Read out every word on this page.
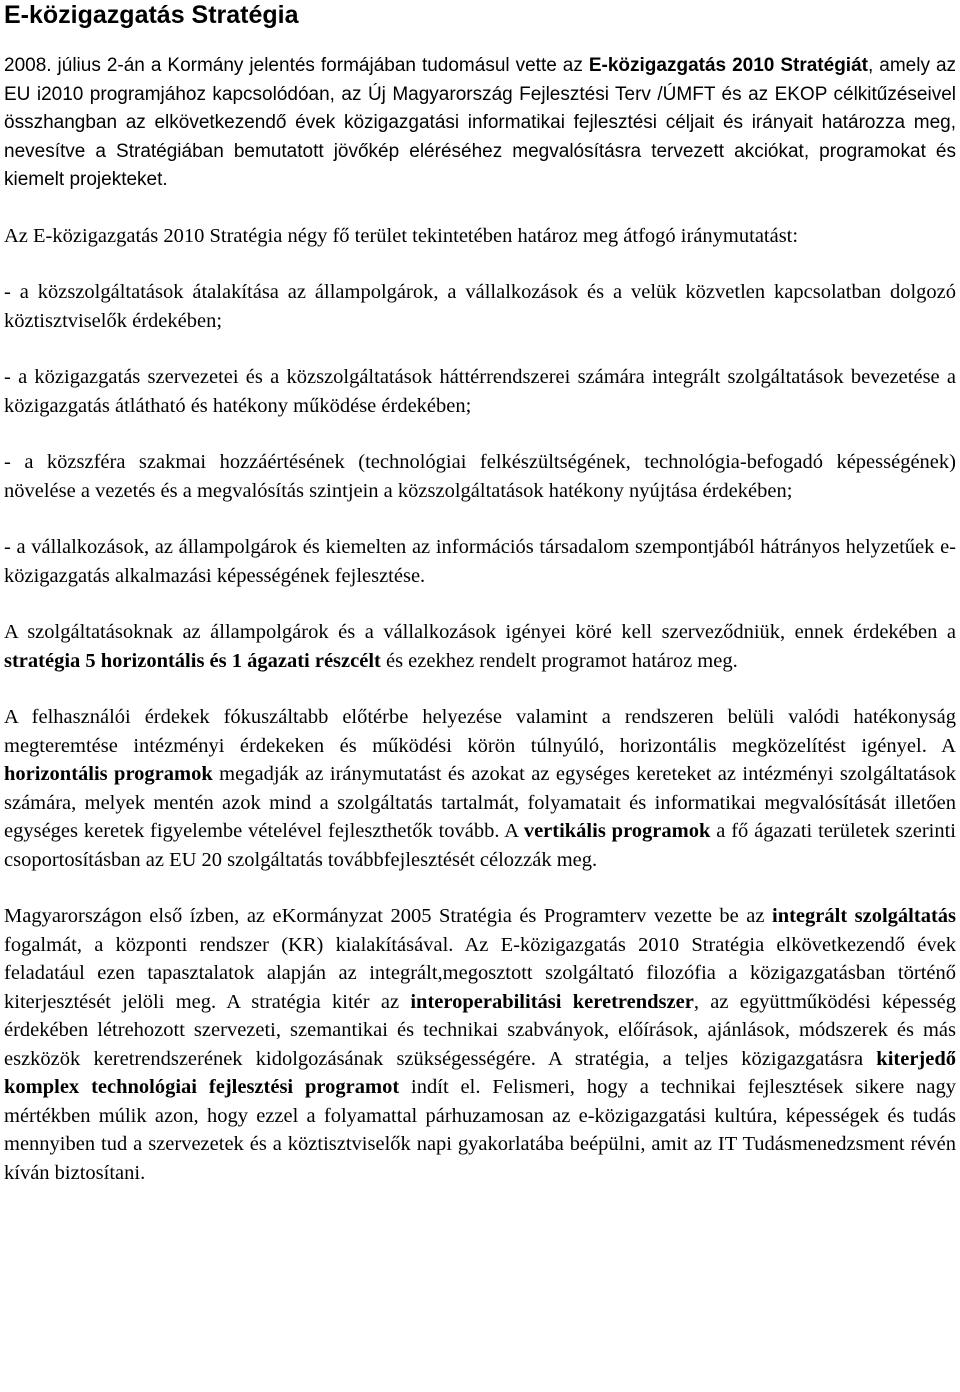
E-közigazgatás Stratégia

2008. július 2-án a Kormány jelentés formájában tudomásul vette az E-közigazgatás 2010 Stratégiát, amely az EU i2010 programjához kapcsolódóan, az Új Magyarország Fejlesztési Terv /ÚMFT és az EKOP célkitűzéseivel összhangban az elkövetkezendő évek közigazgatási informatikai fejlesztési céljait és irányait határozza meg, nevesítve a Stratégiában bemutatott jövőkép eléréséhez megvalósításra tervezett akciókat, programokat és kiemelt projekteket.

Az E-közigazgatás 2010 Stratégia négy fő terület tekintetében határoz meg átfogó iránymutatást:

- a közszolgáltatások átalakítása az állampolgárok, a vállalkozások és a velük közvetlen kapcsolatban dolgozó köztisztviselők érdekében;

- a közigazgatás szervezetei és a közszolgáltatások háttérrendszerei számára integrált szolgáltatások bevezetése a közigazgatás átlátható és hatékony működése érdekében;

- a közszféra szakmai hozzáértésének (technológiai felkészültségének, technológia-befogadó képességének) növelése a vezetés és a megvalósítás szintjein a közszolgáltatások hatékony nyújtása érdekében;

- a vállalkozások, az állampolgárok és kiemelten az információs társadalom szempontjából hátrányos helyzetűek e-közigazgatás alkalmazási képességének fejlesztése.

A szolgáltatásoknak az állampolgárok és a vállalkozások igényei köré kell szerveződniük, ennek érdekében a stratégia 5 horizontális és 1 ágazati részcélt és ezekhez rendelt programot határoz meg.

A felhasználói érdekek fókuszáltabb előtérbe helyezése valamint a rendszeren belüli valódi hatékonyság megteremtése intézményi érdekeken és működési körön túlnyúló, horizontális megközelítést igényel. A horizontális programok megadják az iránymutatást és azokat az egységes kereteket az intézményi szolgáltatások számára, melyek mentén azok mind a szolgáltatás tartalmát, folyamatait és informatikai megvalósítását illetően egységes keretek figyelembe vételével fejleszthetők tovább. A vertikális programok a fő ágazati területek szerinti csoportosításban az EU 20 szolgáltatás továbbfejlesztését célozzák meg.

Magyarországon első ízben, az eKormányzat 2005 Stratégia és Programterv vezette be az integrált szolgáltatás fogalmát, a központi rendszer (KR) kialakításával. Az E-közigazgatás 2010 Stratégia elkövetkezendő évek feladatául ezen tapasztalatok alapján az integrált,megosztott szolgáltató filozófia a közigazgatásban történő kiterjesztését jelöli meg. A stratégia kitér az interoperabilitási keretrendszer, az együttműködési képesség érdekében létrehozott szervezeti, szemantikai és technikai szabványok, előírások, ajánlások, módszerek és más eszközök keretrendszerének kidolgozásának szükségességére. A stratégia, a teljes közigazgatásra kiterjedő komplex technológiai fejlesztési programot indít el. Felismeri, hogy a technikai fejlesztések sikere nagy mértékben múlik azon, hogy ezzel a folyamattal párhuzamosan az e-közigazgatási kultúra, képességek és tudás mennyiben tud a szervezetek és a köztisztviselők napi gyakorlatába beépülni, amit az IT Tudásmenedzsment révén kíván biztosítani.
